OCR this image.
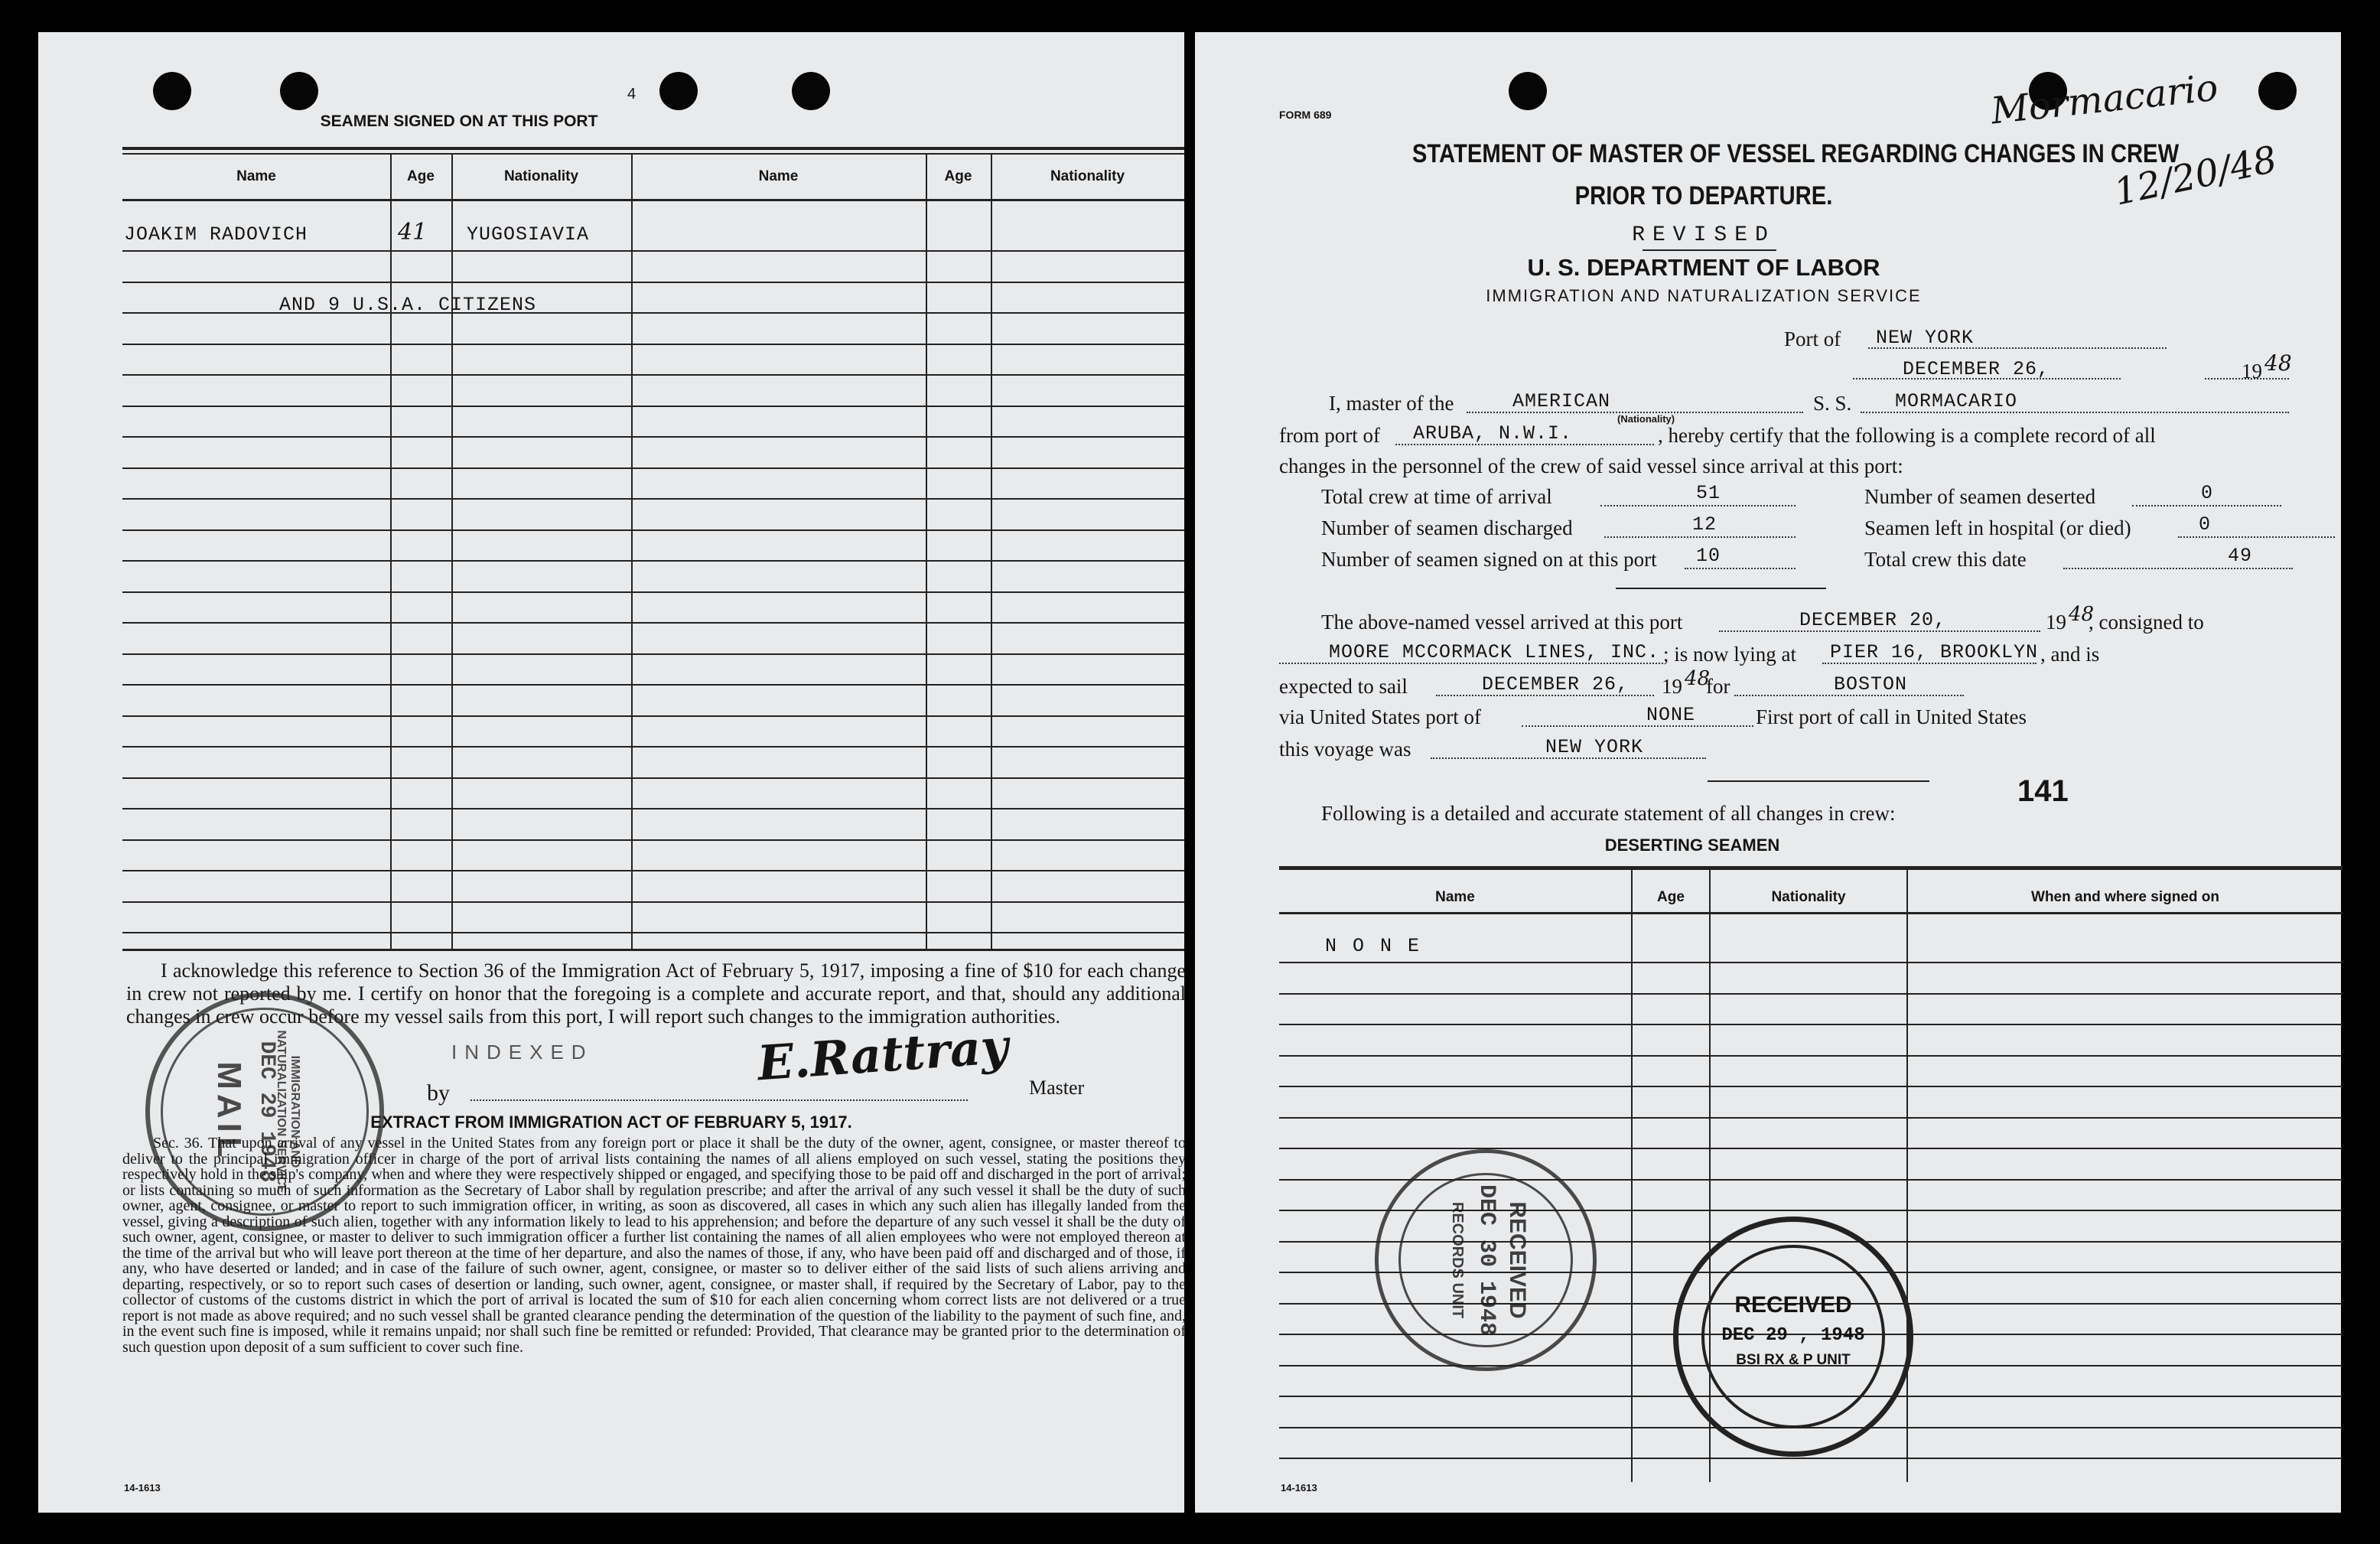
4
SEAMEN SIGNED ON AT THIS PORT
Name	Age	Nationality	Name	Age	Nationality
JOAKIM RADOVICH	41 YUGOSIAVIA
AND 9 U.S.A. CITIZENS
I acknowledge this reference to Section 36 of the Immigration Act of February 5, 1917, imposing a fine of $10 for each change in crew not reported by me. I certify on honor that the foregoing is a complete and accurate report, and that, should any additional changes in crew occur before my vessel sails from this port, I will report such changes to the immigration authorities.
INDEXED
by
E.Rattray Master
EXTRACT FROM IMMIGRATION ACT OF FEBRUARY 5, 1917.
Sec. 36. That upon arrival of any vessel in the United States from any foreign port or place it shall be the duty of the owner, agent, consignee, or master thereof to deliver to the principal immigration officer in charge of the port of arrival lists containing the names of all aliens employed on such vessel, stating the positions they respectively hold in the ship's company, when and where they were respectively shipped or engaged, and specifying those to be paid off and discharged in the port of arrival; or lists containing so much of such information as the Secretary of Labor shall by regulation prescribe; and after the arrival of any such vessel it shall be the duty of such owner, agent, consignee, or master to report to such immigration officer, in writing, as soon as discovered, all cases in which any such alien has illegally landed from the vessel, giving a description of such alien, together with any information likely to lead to his apprehension; and before the departure of any such vessel it shall be the duty of such owner, agent, consignee, or master to deliver to such immigration officer a further list containing the names of all alien employees who were not employed thereon at the time of the arrival but who will leave port thereon at the time of her departure, and also the names of those, if any, who have been paid off and discharged and of those, if any, who have deserted or landed; and in case of the failure of such owner, agent, consignee, or master so to deliver either of the said lists of such aliens arriving and departing, respectively, or so to report such cases of desertion or landing, such owner, agent, consignee, or master shall, if required by the Secretary of Labor, pay to the collector of customs of the customs district in which the port of arrival is located the sum of $10 for each alien concerning whom correct lists are not delivered or a true report is not made as above required; and no such vessel shall be granted clearance pending the determination of the question of the liability to the payment of such fine, and, in the event such fine is imposed, while it remains unpaid; nor shall such fine be remitted or refunded: Provided, That clearance may be granted prior to the determination of such question upon deposit of a sum sufficient to cover such fine.
14-1613
IMMIGRATION AND NATURALIZATION SERVICE
DEC 29 1948
MAIL
FORM 689	Mormacario
12/20/48
STATEMENT OF MASTER OF VESSEL REGARDING CHANGES IN CREW
PRIOR TO DEPARTURE.
REVISED
U. S. DEPARTMENT OF LABOR
IMMIGRATION AND NATURALIZATION SERVICE
Port of NEW YORK
DECEMBER 26,	19 48
I, master of the	AMERICAN
(Nationality)
S. S. MORMACARIO
from port of ARUBA, N.W.I.	, hereby certify that the following is a complete record of all
changes in the personnel of the crew of said vessel since arrival at this port:
Total crew at time of arrival	51	Number of seamen deserted	0
Number of seamen discharged	12	Seamen left in hospital (or died)	0
Number of seamen signed on at this port 10	Total crew this date	49
The above-named vessel arrived at this port	DECEMBER 20,	19 48
, consigned to
MOORE MCCORMACK LINES, INC. ; is now lying at PIER 16, BROOKLYN , and is
expected to sail	DECEMBER 26, 19 48
for	BOSTON
via United States port of	NONE	First port of call in United States
this voyage was	NEW YORK
Following is a detailed and accurate statement of all changes in crew:
141
DESERTING SEAMEN
Name	Age	Nationality	When and where signed on
N O N E
14-1613
RECEIVED
DEC 30 1948
RECORDS UNIT	RECEIVED
DEC 29 , 1948
BSI RX & P UNIT
